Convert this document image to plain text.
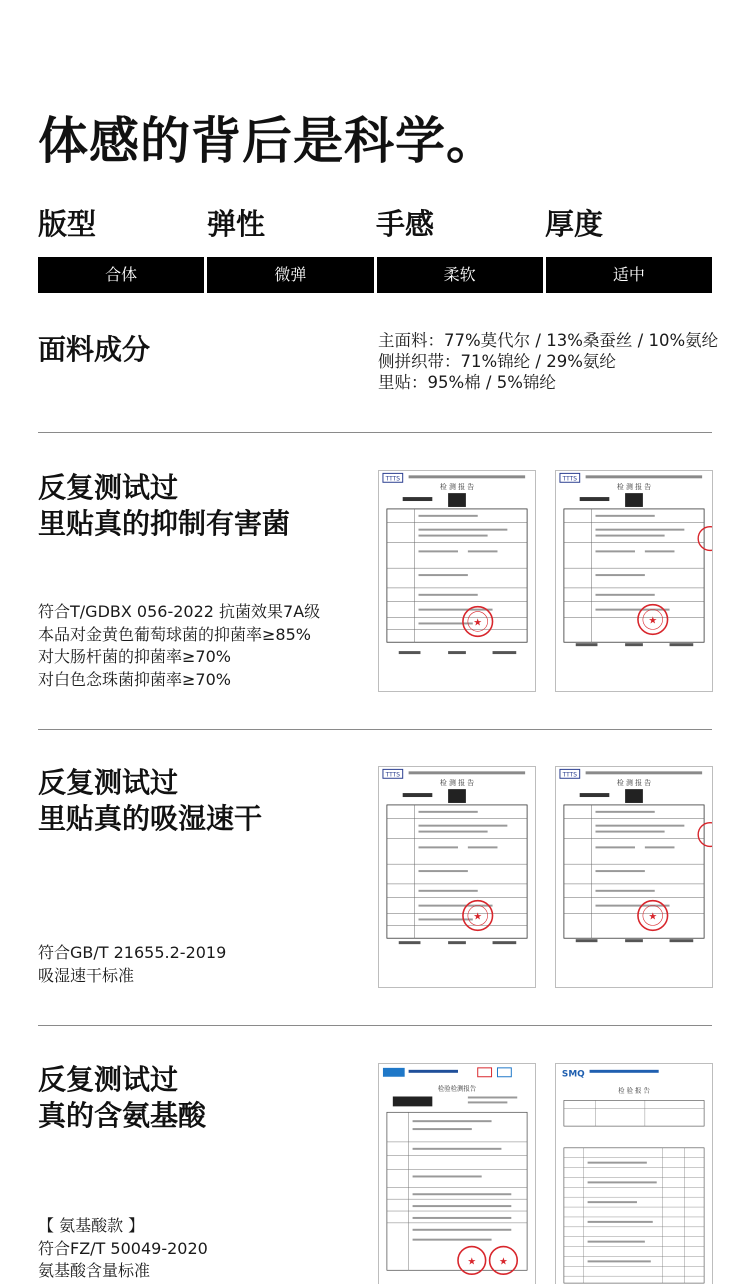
体感的背后是科学。
版型	弹性	手感	厚度
合体	微弹	柔软	适中
面料成分	主面料：77%莫代尔 / 13%桑蚕丝 / 10%氨纶
侧拼织带：71%锦纶 / 29%氨纶
里贴：95%棉 / 5%锦纶
反复测试过
里贴真的抑制有害菌
符合T/GDBX 056-2022 抗菌效果7A级
本品对金黄色葡萄球菌的抑菌率≥85%
对大肠杆菌的抑菌率≥70%
对白色念珠菌抑菌率≥70%
TTTS
检 测 报 告
★
TTTS
检 测 报 告
★
反复测试过
里贴真的吸湿速干
符合GB/T 21655.2-2019
吸湿速干标准
TTTS
检 测 报 告
★
TTTS
检 测 报 告
★
反复测试过
真的含氨基酸
【 氨基酸款 】
符合FZ/T 50049-2020
氨基酸含量标准
检验检测报告
★ ★
SMQ
检 验 报 告
